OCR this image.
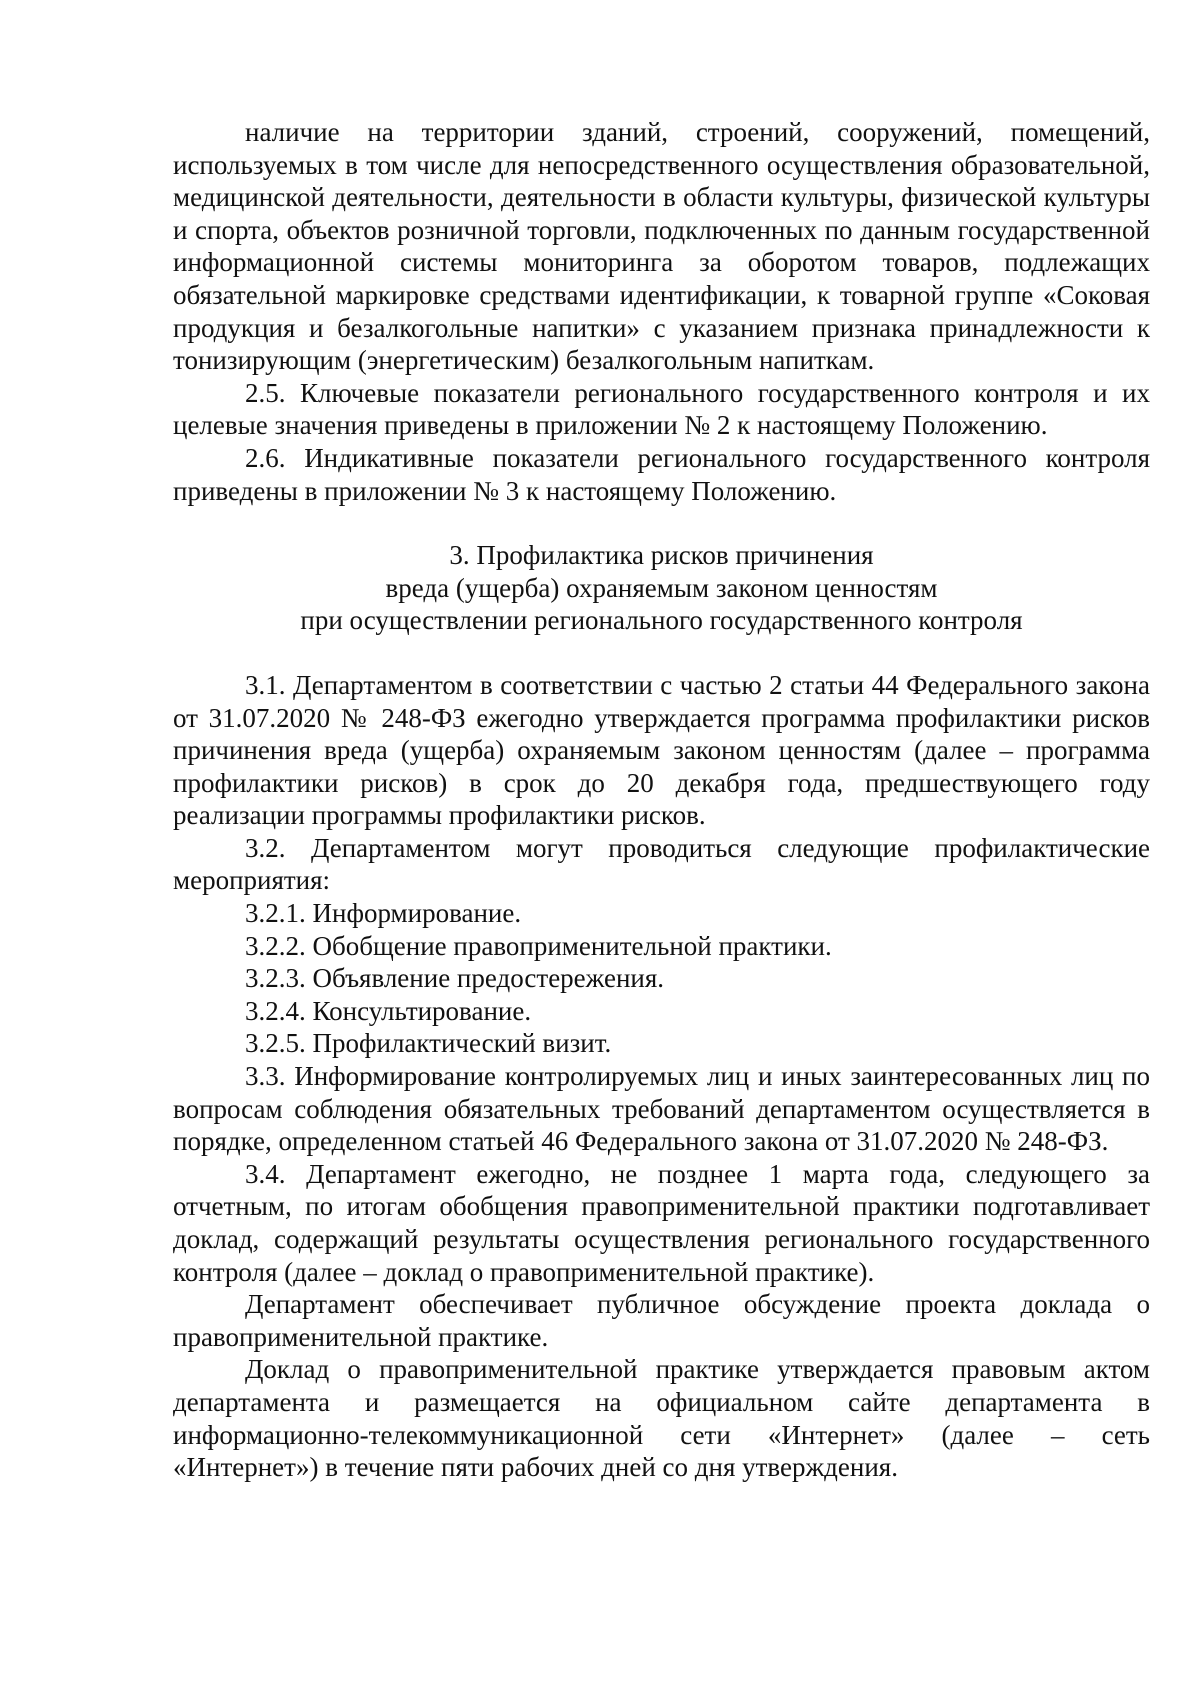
наличие на территории зданий, строений, сооружений, помещений, используемых в том числе для непосредственного осуществления образовательной, медицинской деятельности, деятельности в области культуры, физической культуры и спорта, объектов розничной торговли, подключенных по данным государственной информационной системы мониторинга за оборотом товаров, подлежащих обязательной маркировке средствами идентификации, к товарной группе «Соковая продукция и безалкогольные напитки» с указанием признака принадлежности к тонизирующим (энергетическим) безалкогольным напиткам.

2.5. Ключевые показатели регионального государственного контроля и их целевые значения приведены в приложении № 2 к настоящему Положению.

2.6. Индикативные показатели регионального государственного контроля приведены в приложении № 3 к настоящему Положению.

3. Профилактика рисков причинения
вреда (ущерба) охраняемым законом ценностям
при осуществлении регионального государственного контроля

3.1. Департаментом в соответствии с частью 2 статьи 44 Федерального закона от 31.07.2020 № 248-ФЗ ежегодно утверждается программа профилактики рисков причинения вреда (ущерба) охраняемым законом ценностям (далее – программа профилактики рисков) в срок до 20 декабря года, предшествующего году реализации программы профилактики рисков.

3.2. Департаментом могут проводиться следующие профилактические мероприятия:

3.2.1. Информирование.

3.2.2. Обобщение правоприменительной практики.

3.2.3. Объявление предостережения.

3.2.4. Консультирование.

3.2.5. Профилактический визит.

3.3. Информирование контролируемых лиц и иных заинтересованных лиц по вопросам соблюдения обязательных требований департаментом осуществляется в порядке, определенном статьей 46 Федерального закона от 31.07.2020 № 248-ФЗ.

3.4. Департамент ежегодно, не позднее 1 марта года, следующего за отчетным, по итогам обобщения правоприменительной практики подготавливает доклад, содержащий результаты осуществления регионального государственного контроля (далее – доклад о правоприменительной практике).

Департамент обеспечивает публичное обсуждение проекта доклада о правоприменительной практике.

Доклад о правоприменительной практике утверждается правовым актом департамента и размещается на официальном сайте департамента в информационно-телекоммуникационной сети «Интернет» (далее – сеть «Интернет») в течение пяти рабочих дней со дня утверждения.
